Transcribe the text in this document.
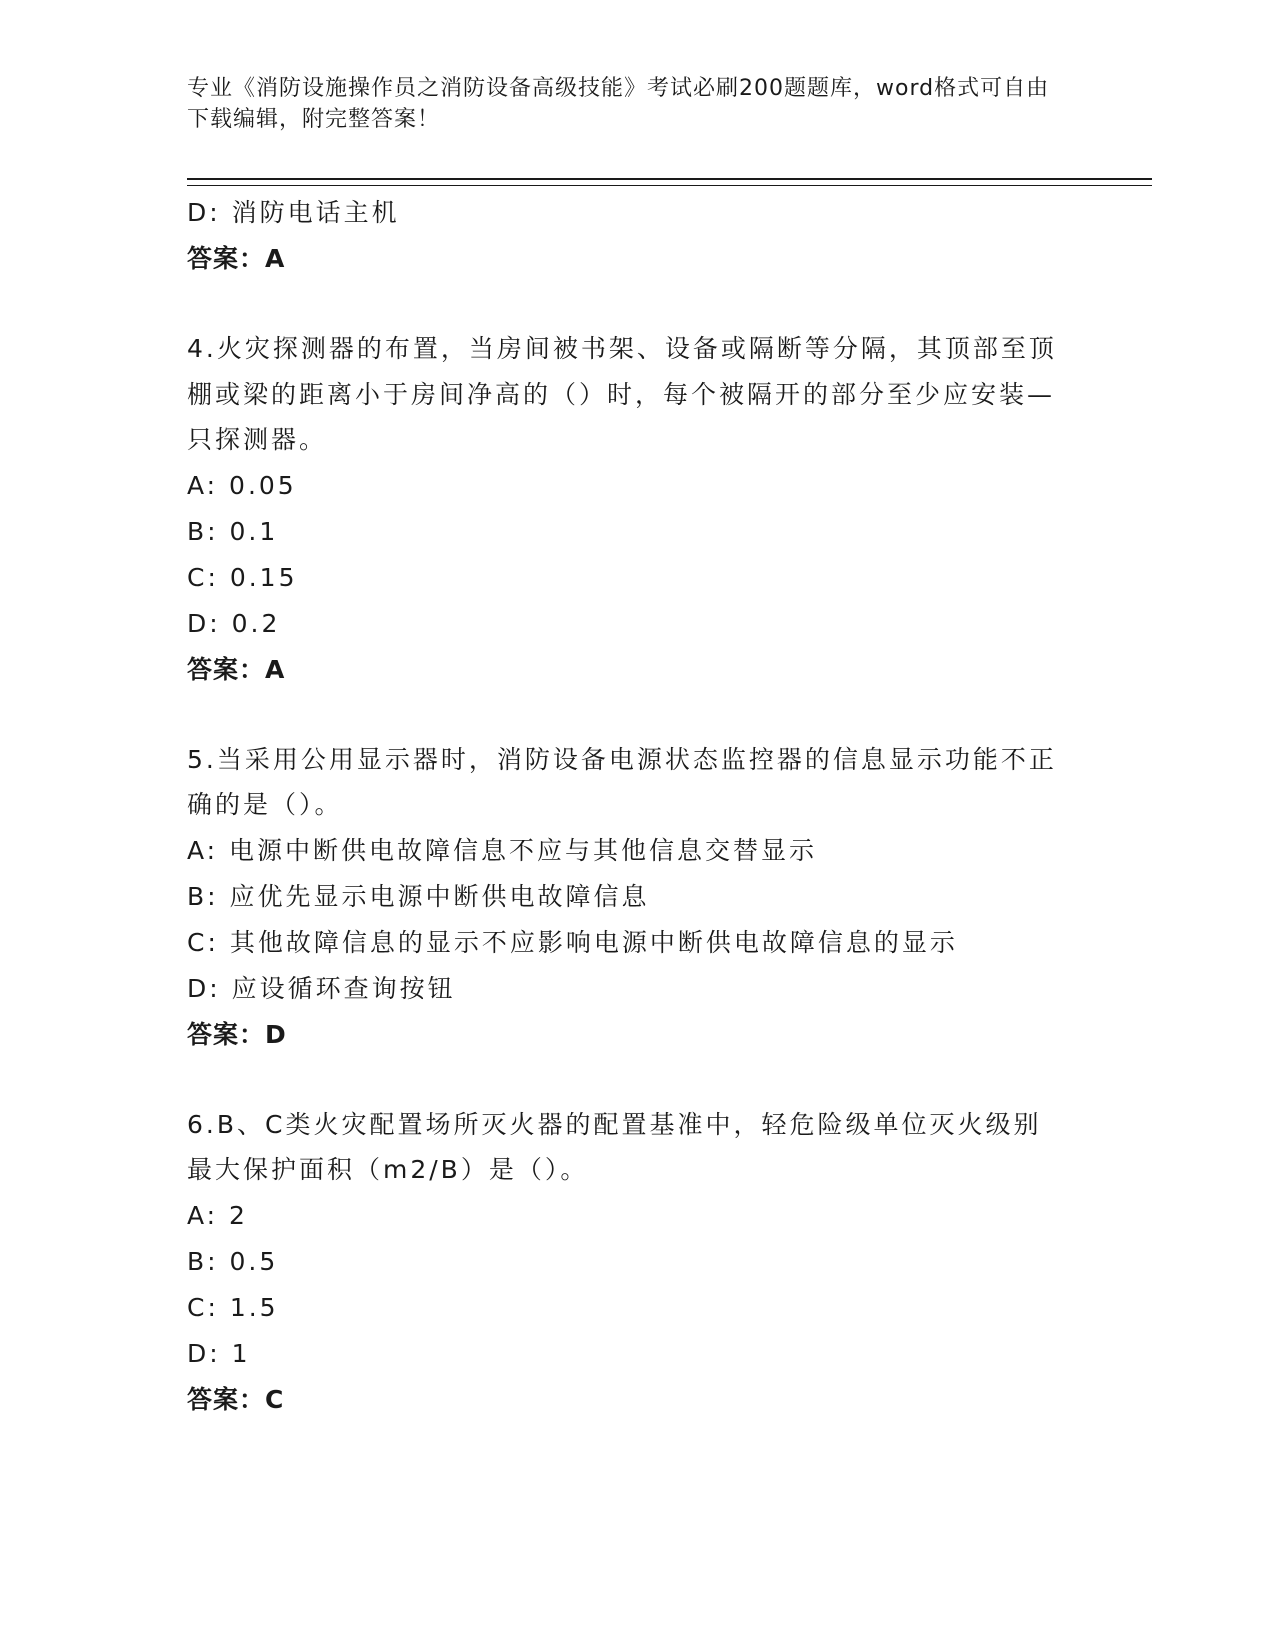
专业《消防设施操作员之消防设备高级技能》考试必刷200题题库，word格式可自由下载编辑，附完整答案！
D: 消防电话主机
答案：A
4.火灾探测器的布置，当房间被书架、设备或隔断等分隔，其顶部至顶棚或梁的距离小于房间净高的（）时，每个被隔开的部分至少应安装—只探测器。
A: 0.05
B: 0.1
C: 0.15
D: 0.2
答案：A
5.当采用公用显示器时，消防设备电源状态监控器的信息显示功能不正确的是（）。
A: 电源中断供电故障信息不应与其他信息交替显示
B: 应优先显示电源中断供电故障信息
C: 其他故障信息的显示不应影响电源中断供电故障信息的显示
D: 应设循环查询按钮
答案：D
6.B、C类火灾配置场所灭火器的配置基准中，轻危险级单位灭火级别最大保护面积（m2/B）是（）。
A: 2
B: 0.5
C: 1.5
D: 1
答案：C
